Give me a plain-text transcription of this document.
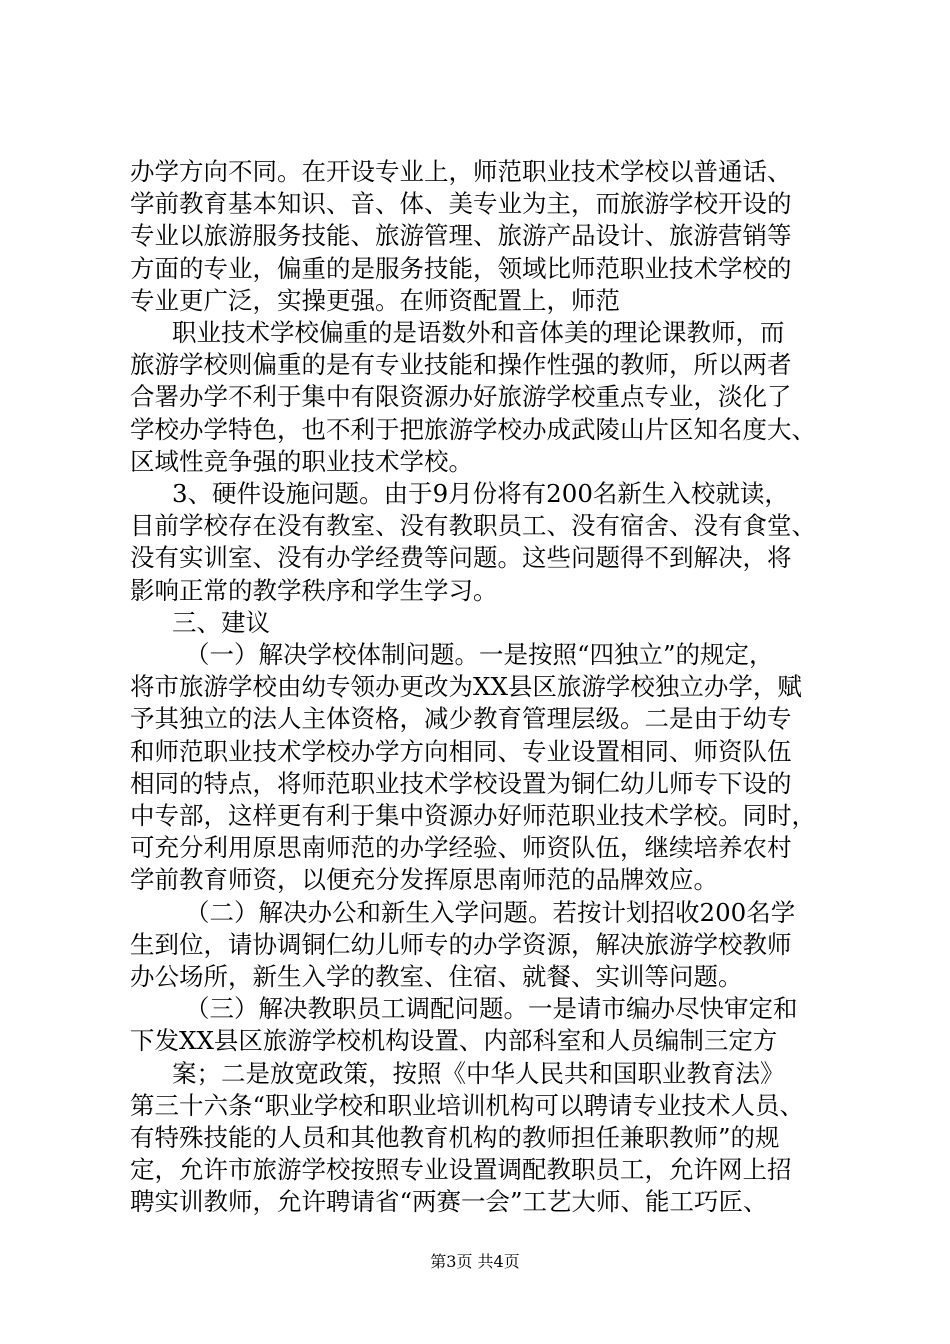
办学方向不同。在开设专业上，师范职业技术学校以普通话、
学前教育基本知识、音、体、美专业为主，而旅游学校开设的
专业以旅游服务技能、旅游管理、旅游产品设计、旅游营销等
方面的专业，偏重的是服务技能，领域比师范职业技术学校的
专业更广泛，实操更强。在师资配置上，师范
职业技术学校偏重的是语数外和音体美的理论课教师，而
旅游学校则偏重的是有专业技能和操作性强的教师，所以两者
合署办学不利于集中有限资源办好旅游学校重点专业，淡化了
学校办学特色，也不利于把旅游学校办成武陵山片区知名度大、
区域性竞争强的职业技术学校。
3、硬件设施问题。由于9月份将有200名新生入校就读，
目前学校存在没有教室、没有教职员工、没有宿舍、没有食堂、
没有实训室、没有办学经费等问题。这些问题得不到解决，将
影响正常的教学秩序和学生学习。
三、建议
（一）解决学校体制问题。一是按照“四独立”的规定，
将市旅游学校由幼专领办更改为XX县区旅游学校独立办学，赋
予其独立的法人主体资格，减少教育管理层级。二是由于幼专
和师范职业技术学校办学方向相同、专业设置相同、师资队伍
相同的特点，将师范职业技术学校设置为铜仁幼儿师专下设的
中专部，这样更有利于集中资源办好师范职业技术学校。同时，
可充分利用原思南师范的办学经验、师资队伍，继续培养农村
学前教育师资，以便充分发挥原思南师范的品牌效应。
（二）解决办公和新生入学问题。若按计划招收200名学
生到位，请协调铜仁幼儿师专的办学资源，解决旅游学校教师
办公场所，新生入学的教室、住宿、就餐、实训等问题。
（三）解决教职员工调配问题。一是请市编办尽快审定和
下发XX县区旅游学校机构设置、内部科室和人员编制三定方
案；二是放宽政策，按照《中华人民共和国职业教育法》
第三十六条“职业学校和职业培训机构可以聘请专业技术人员、
有特殊技能的人员和其他教育机构的教师担任兼职教师”的规
定，允许市旅游学校按照专业设置调配教职员工，允许网上招
聘实训教师，允许聘请省“两赛一会”工艺大师、能工巧匠、
第3页 共4页
